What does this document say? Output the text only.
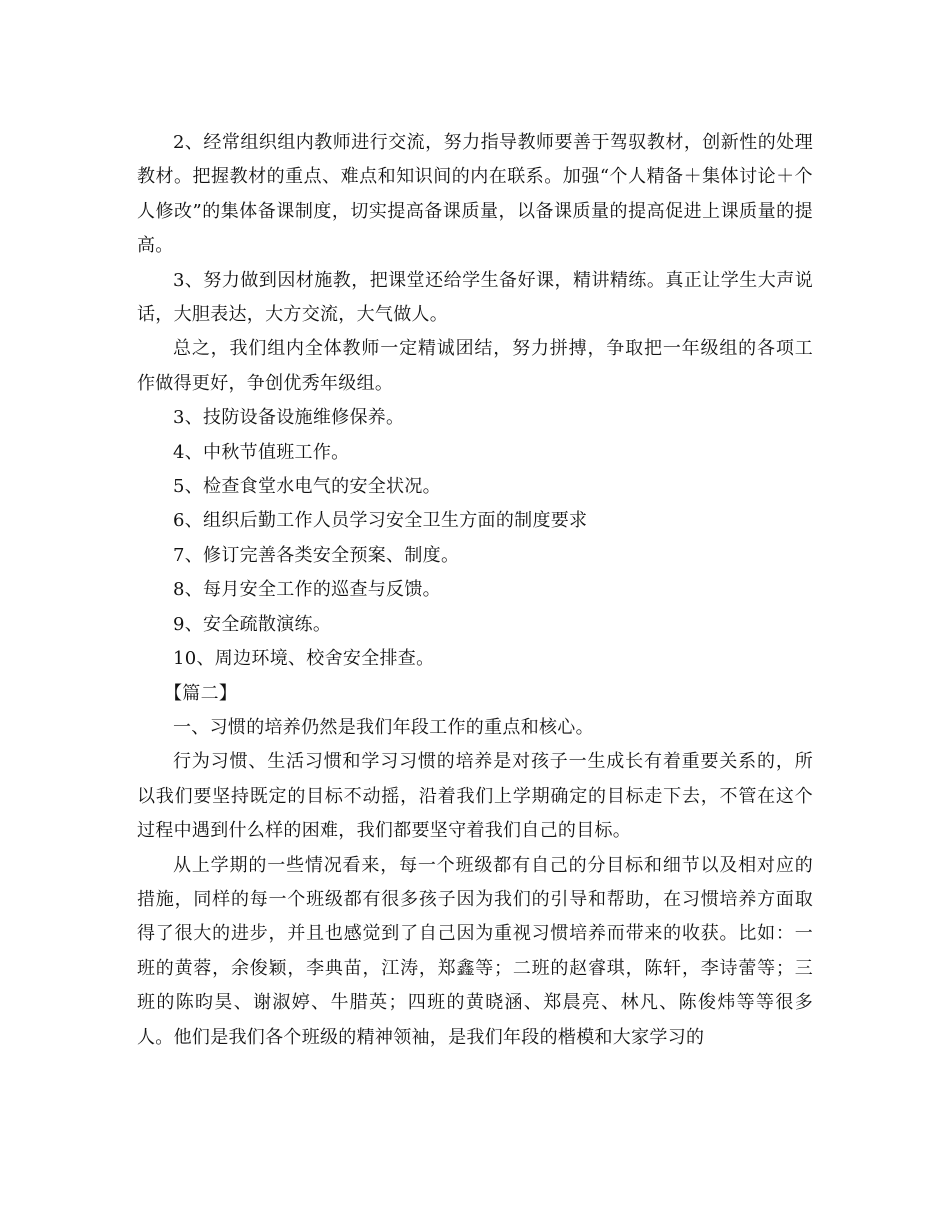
2、经常组织组内教师进行交流，努力指导教师要善于驾驭教材，创新性的处理教材。把握教材的重点、难点和知识间的内在联系。加强“个人精备＋集体讨论＋个人修改”的集体备课制度，切实提高备课质量，以备课质量的提高促进上课质量的提高。

3、努力做到因材施教，把课堂还给学生备好课，精讲精练。真正让学生大声说话，大胆表达，大方交流，大气做人。

总之，我们组内全体教师一定精诚团结，努力拼搏，争取把一年级组的各项工作做得更好，争创优秀年级组。

3、技防设备设施维修保养。

4、中秋节值班工作。

5、检查食堂水电气的安全状况。

6、组织后勤工作人员学习安全卫生方面的制度要求

7、修订完善各类安全预案、制度。

8、每月安全工作的巡查与反馈。

9、安全疏散演练。

10、周边环境、校舍安全排查。

【篇二】

一、习惯的培养仍然是我们年段工作的重点和核心。

行为习惯、生活习惯和学习习惯的培养是对孩子一生成长有着重要关系的，所以我们要坚持既定的目标不动摇，沿着我们上学期确定的目标走下去，不管在这个过程中遇到什么样的困难，我们都要坚守着我们自己的目标。

从上学期的一些情况看来，每一个班级都有自己的分目标和细节以及相对应的措施，同样的每一个班级都有很多孩子因为我们的引导和帮助，在习惯培养方面取得了很大的进步，并且也感觉到了自己因为重视习惯培养而带来的收获。比如：一班的黄蓉，余俊颖，李典苗，江涛，郑鑫等；二班的赵睿琪，陈轩，李诗蕾等；三班的陈昀昊、谢淑婷、牛腊英；四班的黄晓涵、郑晨亮、林凡、陈俊炜等等很多人。他们是我们各个班级的精神领袖，是我们年段的楷模和大家学习的
